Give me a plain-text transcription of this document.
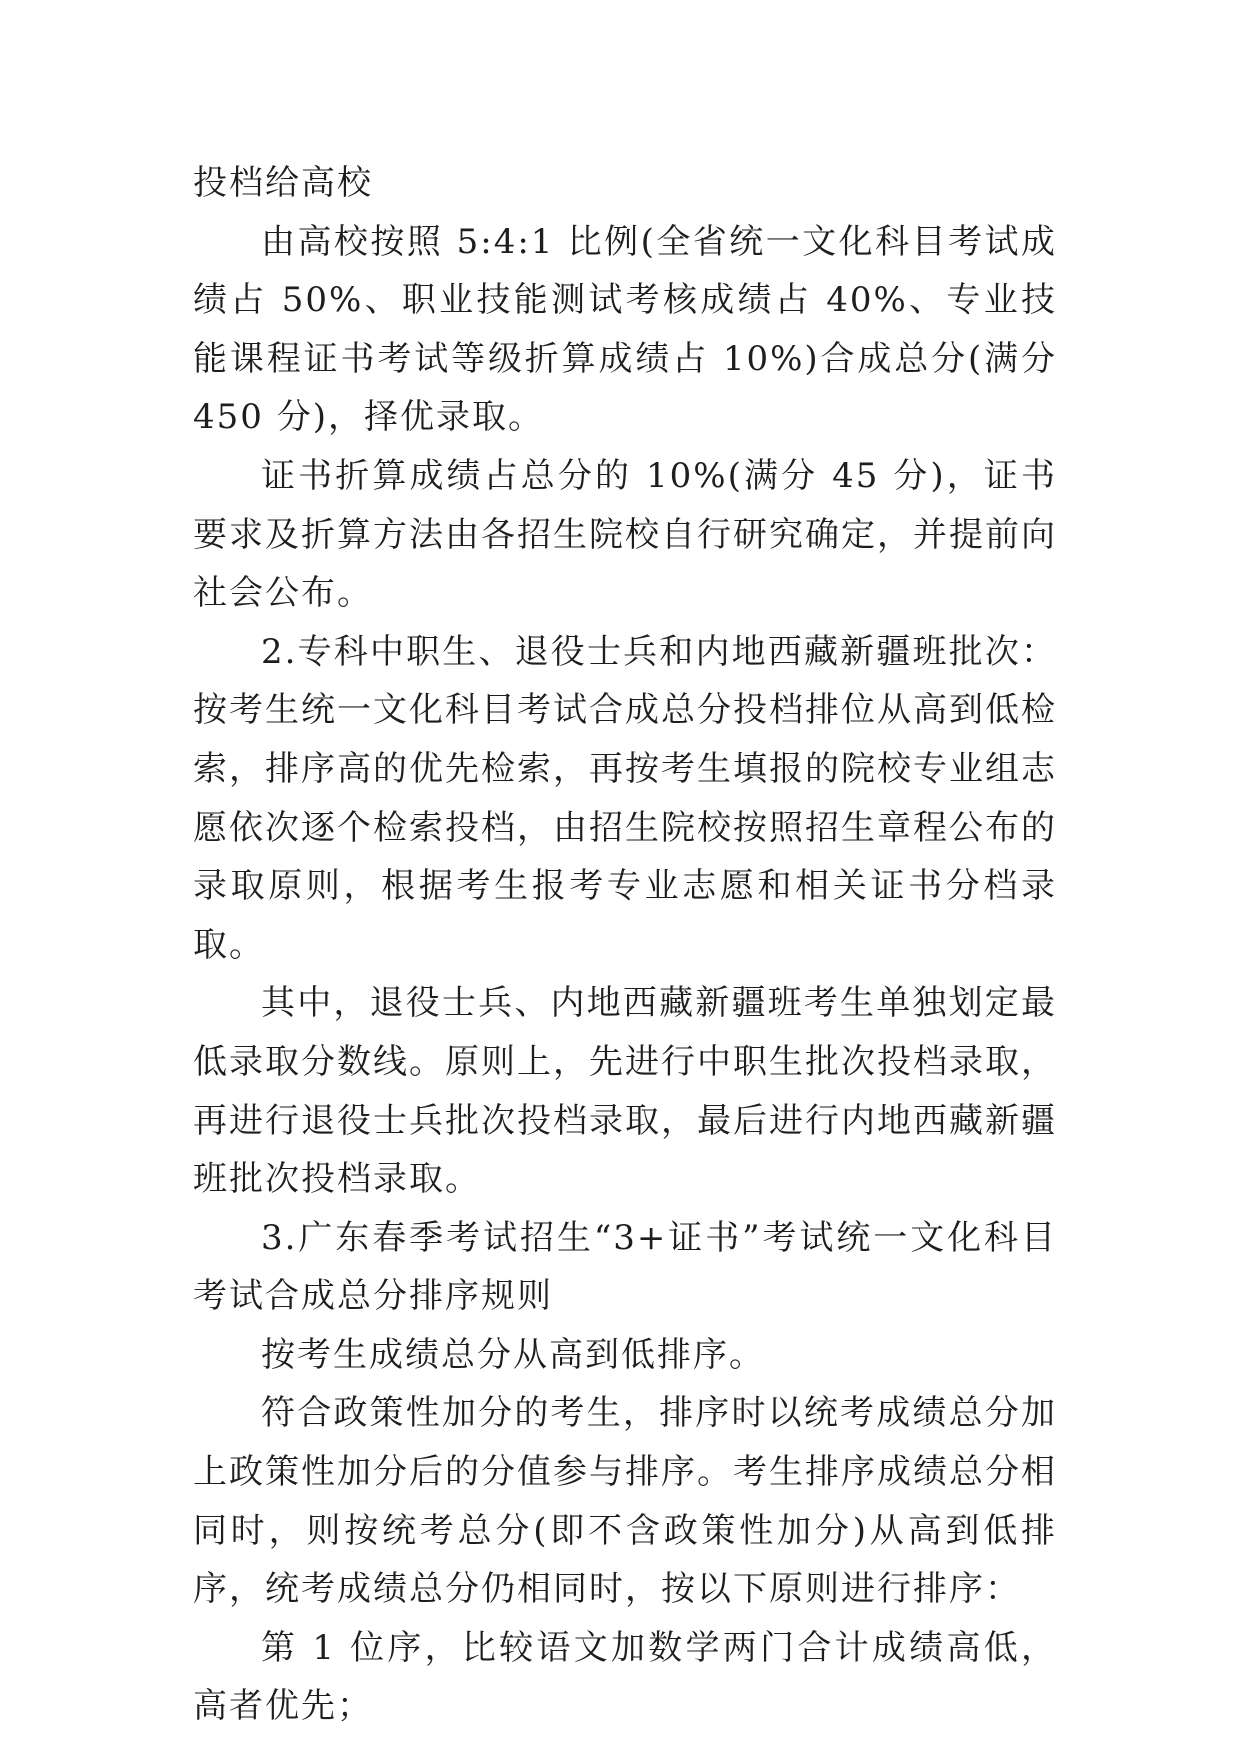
投档给高校

由高校按照 5:4:1 比例(全省统一文化科目考试成绩占 50%、职业技能测试考核成绩占 40%、专业技能课程证书考试等级折算成绩占 10%)合成总分(满分 450 分)，择优录取。

证书折算成绩占总分的 10%(满分 45 分)，证书要求及折算方法由各招生院校自行研究确定，并提前向社会公布。

2.专科中职生、退役士兵和内地西藏新疆班批次：按考生统一文化科目考试合成总分投档排位从高到低检索，排序高的优先检索，再按考生填报的院校专业组志愿依次逐个检索投档，由招生院校按照招生章程公布的录取原则，根据考生报考专业志愿和相关证书分档录取。

其中，退役士兵、内地西藏新疆班考生单独划定最低录取分数线。原则上，先进行中职生批次投档录取，再进行退役士兵批次投档录取，最后进行内地西藏新疆班批次投档录取。

3.广东春季考试招生“3+证书”考试统一文化科目考试合成总分排序规则

按考生成绩总分从高到低排序。

符合政策性加分的考生，排序时以统考成绩总分加上政策性加分后的分值参与排序。考生排序成绩总分相同时，则按统考总分(即不含政策性加分)从高到低排序，统考成绩总分仍相同时，按以下原则进行排序：

第 1 位序，比较语文加数学两门合计成绩高低，高者优先；
